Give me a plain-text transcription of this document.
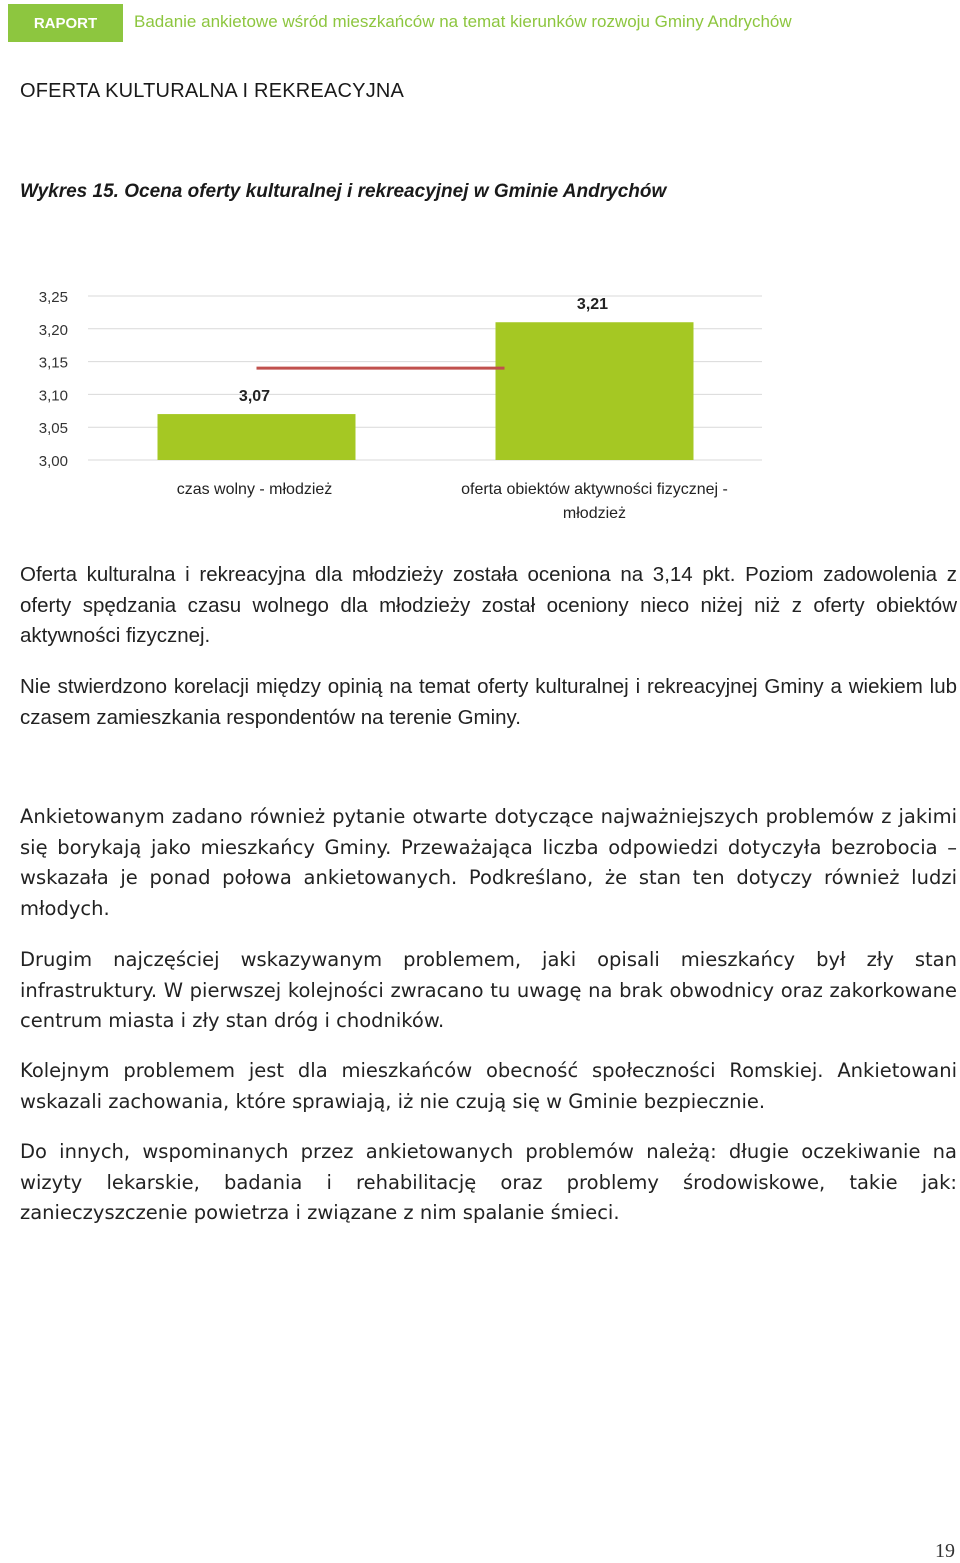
RAPORT	Badanie ankietowe wśród mieszkańców na temat kierunków rozwoju Gminy Andrychów
OFERTA KULTURALNA I REKREACYJNA
Wykres 15. Ocena oferty kulturalnej i rekreacyjnej w Gminie Andrychów
3,00
3,05
3,10
3,15
3,20
3,25
3,07
3,21
czas wolny - młodzież	oferta obiektów aktywności fizycznej -młodzież

Oferta kulturalna i rekreacyjna dla młodzieży została oceniona na 3,14 pkt. Poziom zadowolenia z oferty spędzania czasu wolnego dla młodzieży został oceniony nieco niżej niż z oferty obiektów aktywności fizycznej.

Nie stwierdzono korelacji między opinią na temat oferty kulturalnej i rekreacyjnej Gminy a wiekiem lub czasem zamieszkania respondentów na terenie Gminy.

Ankietowanym zadano również pytanie otwarte dotyczące najważniejszych problemów z jakimi się borykają jako mieszkańcy Gminy. Przeważająca liczba odpowiedzi dotyczyła bezrobocia – wskazała je ponad połowa ankietowanych. Podkreślano, że stan ten dotyczy również ludzi młodych.

Drugim najczęściej wskazywanym problemem, jaki opisali mieszkańcy był zły stan infrastruktury. W pierwszej kolejności zwracano tu uwagę na brak obwodnicy oraz zakorkowane centrum miasta i zły stan dróg i chodników.

Kolejnym problemem jest dla mieszkańców obecność społeczności Romskiej. Ankietowani wskazali zachowania, które sprawiają, iż nie czują się w Gminie bezpiecznie.

Do innych, wspominanych przez ankietowanych problemów należą: długie oczekiwanie na wizyty lekarskie, badania i rehabilitację oraz problemy środowiskowe, takie jak: zanieczyszczenie powietrza i związane z nim spalanie śmieci.

19
